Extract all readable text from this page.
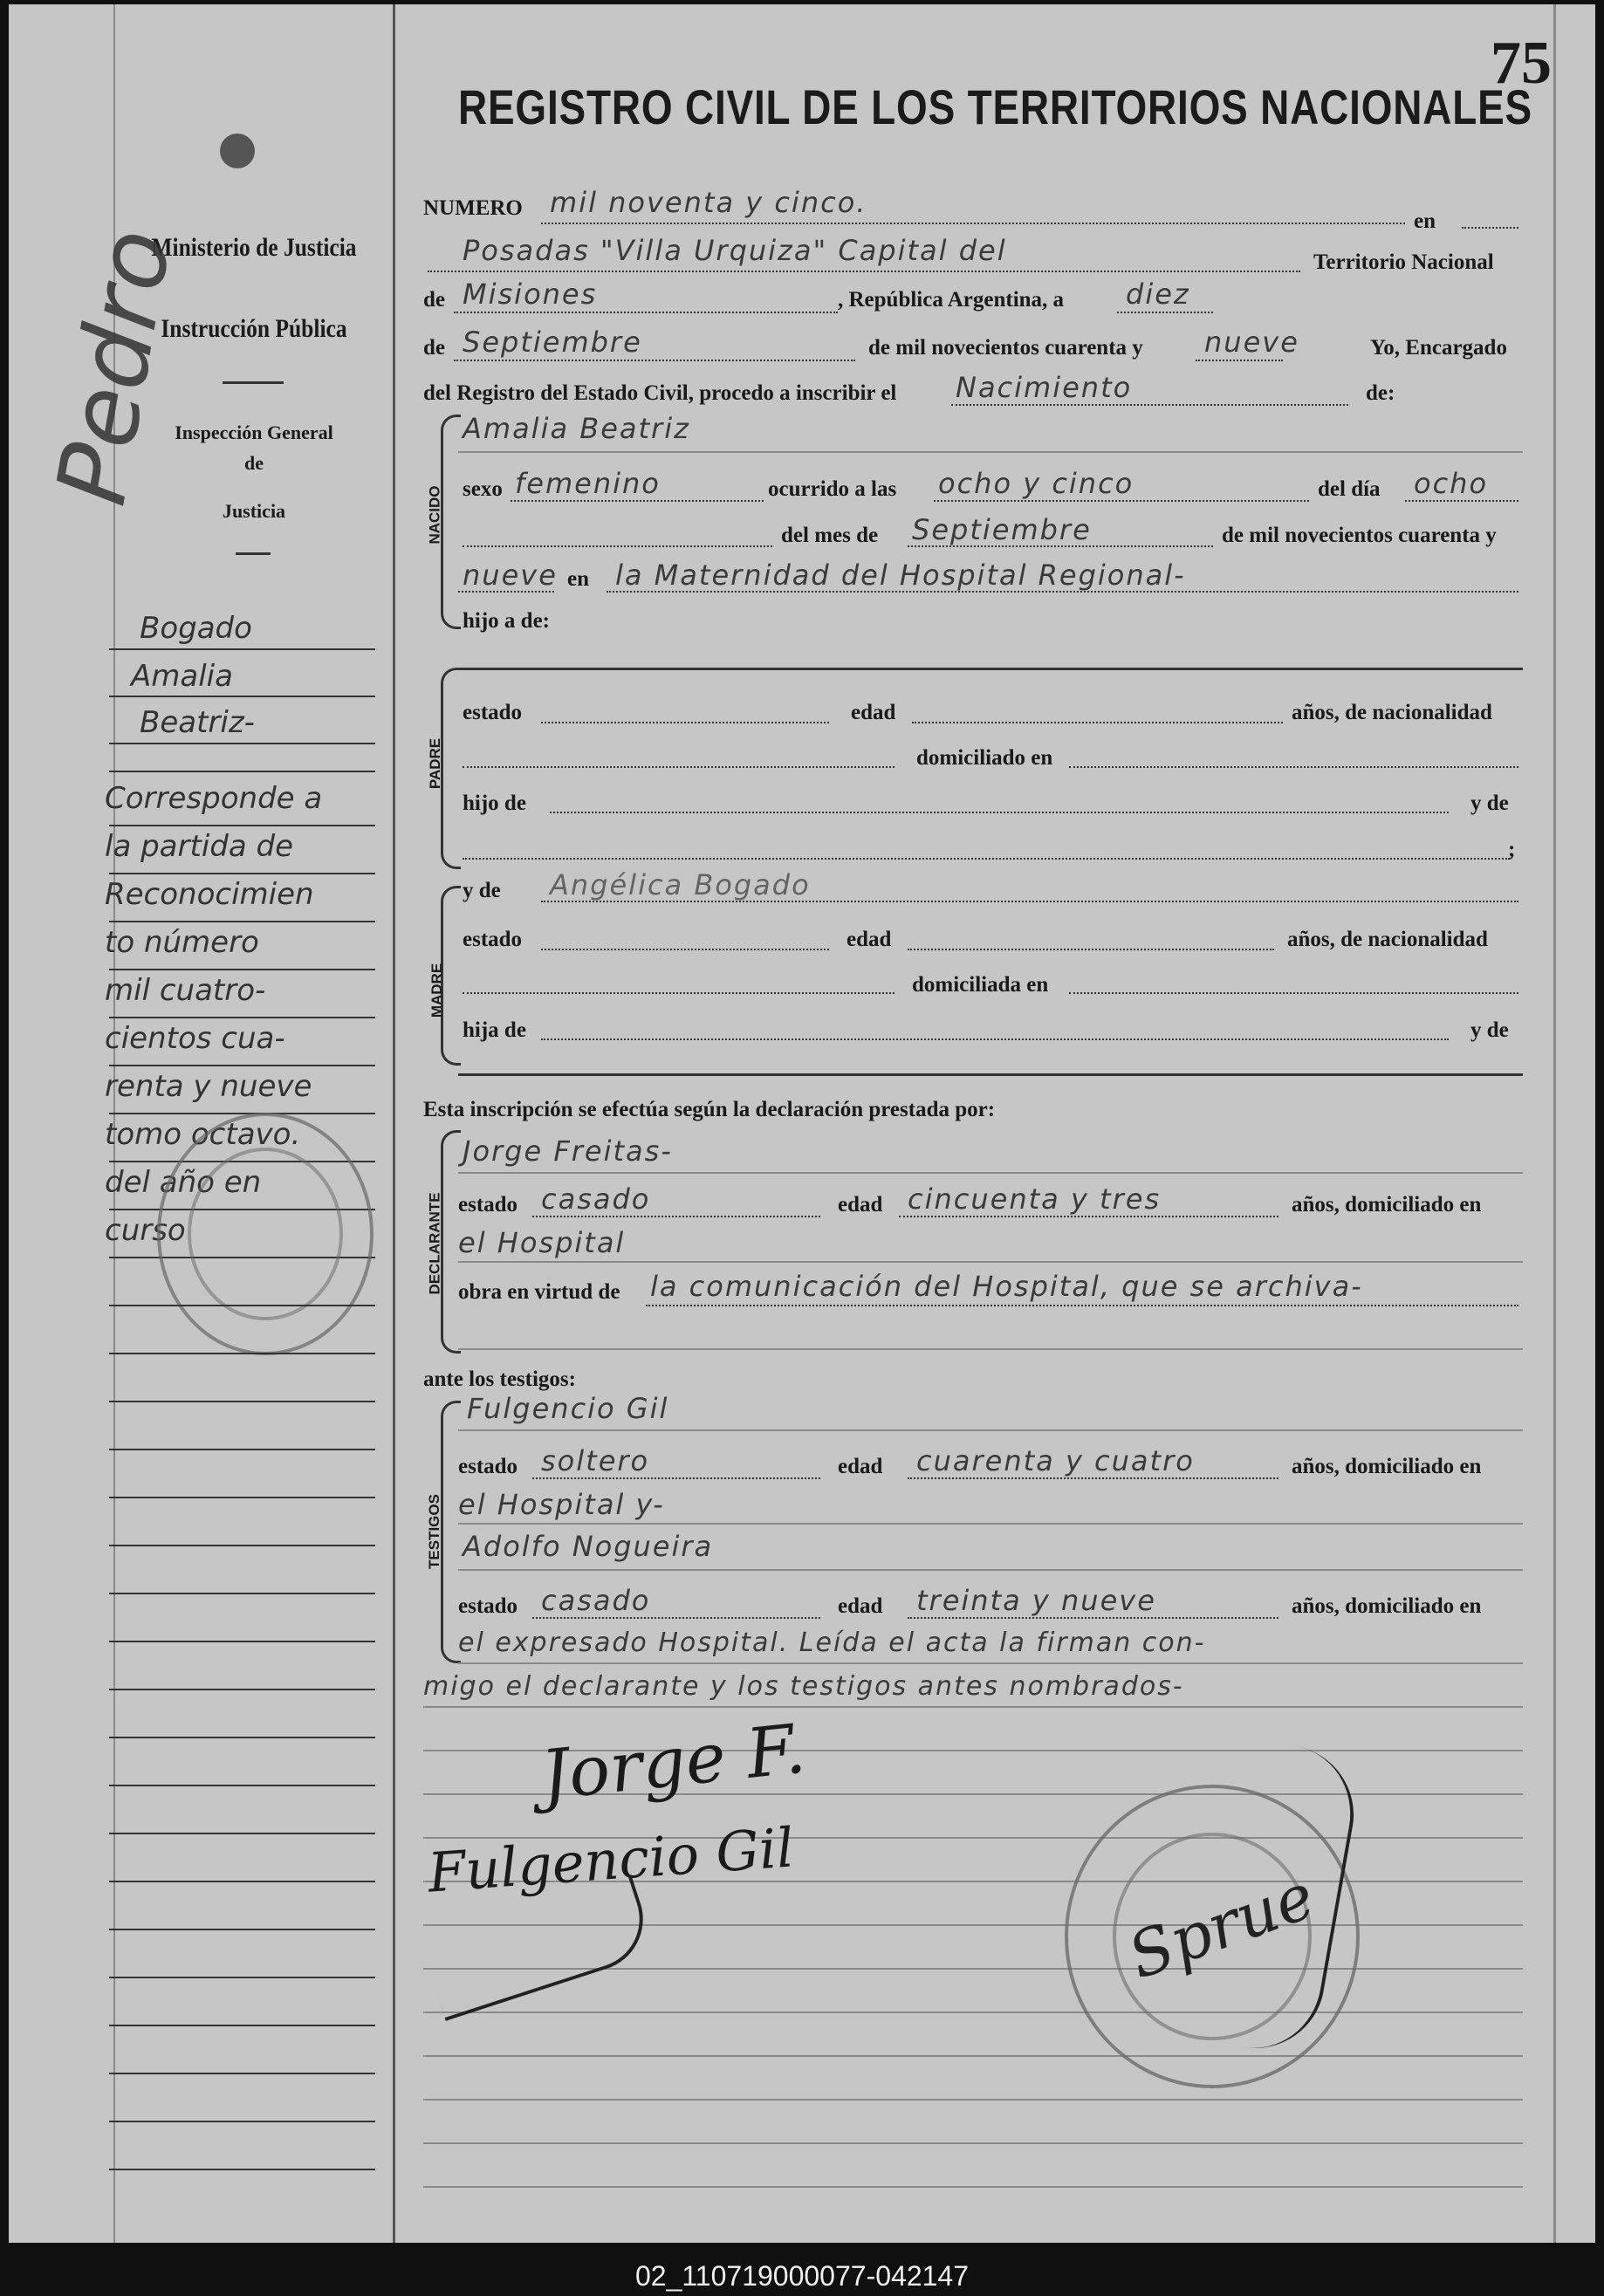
75
REGISTRO CIVIL DE LOS TERRITORIOS NACIONALES
Ministerio de Justicia
Instrucción Pública
Inspección General
de
Justicia
Pedro
Bogado
Amalia
Beatriz-
Corresponde a
la partida de
Reconocimien
to número
mil cuatro-
cientos cua-
renta y nueve
tomo octavo.
del año en
curso
NUMERO mil noventa y cinco.
en
Posadas "Villa Urquiza" Capital del	Territorio Nacional
de Misiones	, República Argentina, a diez
de Septiembre	de mil novecientos cuarenta y nueve	Yo, Encargado
del Registro del Estado Civil, procedo a inscribir el Nacimiento	de:
NACIDO
Amalia Beatriz
sexo femenino	ocurrido a las ocho y cinco	del día ocho
del mes de Septiembre	de mil novecientos cuarenta y
nueve en la Maternidad del Hospital Regional-
hijo a de:
PADRE
estado	edad	años, de nacionalidad
domiciliado en
hijo de	y de
;
MADRE
y de Angélica Bogado
estado	edad	años, de nacionalidad
domiciliada en
hija de	y de
Esta inscripción se efectúa según la declaración prestada por:
DECLARANTE
Jorge Freitas-
estado casado	edad cincuenta y tres	años, domiciliado en
el Hospital
obra en virtud de la comunicación del Hospital, que se archiva-
ante los testigos:
TESTIGOS
Fulgencio Gil
estado soltero	edad cuarenta y cuatro	años, domiciliado en
el Hospital y-
Adolfo Nogueira
estado casado	edad treinta y nueve	años, domiciliado en
el expresado Hospital. Leída el acta la firman con-
migo el declarante y los testigos antes nombrados-
Jorge F.
Fulgencio Gil	Sprue
02_110719000077-042147
